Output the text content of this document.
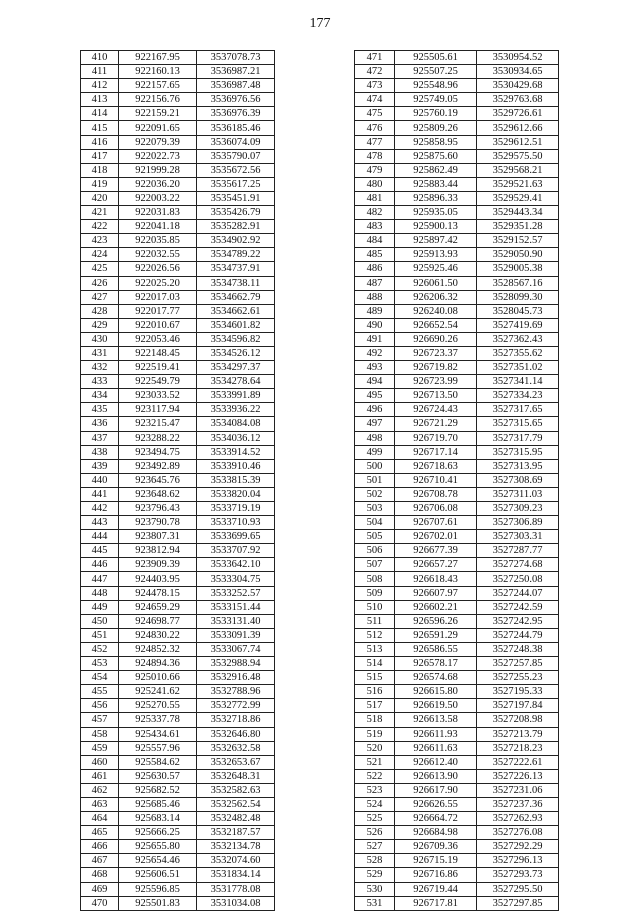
177
410	922167.95	3537078.73
411	922160.13	3536987.21
412	922157.65	3536987.48
413	922156.76	3536976.56
414	922159.21	3536976.39
415	922091.65	3536185.46
416	922079.39	3536074.09
417	922022.73	3535790.07
418	921999.28	3535672.56
419	922036.20	3535617.25
420	922003.22	3535451.91
421	922031.83	3535426.79
422	922041.18	3535282.91
423	922035.85	3534902.92
424	922032.55	3534789.22
425	922026.56	3534737.91
426	922025.20	3534738.11
427	922017.03	3534662.79
428	922017.77	3534662.61
429	922010.67	3534601.82
430	922053.46	3534596.82
431	922148.45	3534526.12
432	922519.41	3534297.37
433	922549.79	3534278.64
434	923033.52	3533991.89
435	923117.94	3533936.22
436	923215.47	3534084.08
437	923288.22	3534036.12
438	923494.75	3533914.52
439	923492.89	3533910.46
440	923645.76	3533815.39
441	923648.62	3533820.04
442	923796.43	3533719.19
443	923790.78	3533710.93
444	923807.31	3533699.65
445	923812.94	3533707.92
446	923909.39	3533642.10
447	924403.95	3533304.75
448	924478.15	3533252.57
449	924659.29	3533151.44
450	924698.77	3533131.40
451	924830.22	3533091.39
452	924852.32	3533067.74
453	924894.36	3532988.94
454	925010.66	3532916.48
455	925241.62	3532788.96
456	925270.55	3532772.99
457	925337.78	3532718.86
458	925434.61	3532646.80
459	925557.96	3532632.58
460	925584.62	3532653.67
461	925630.57	3532648.31
462	925682.52	3532582.63
463	925685.46	3532562.54
464	925683.14	3532482.48
465	925666.25	3532187.57
466	925655.80	3532134.78
467	925654.46	3532074.60
468	925606.51	3531834.14
469	925596.85	3531778.08
470	925501.83	3531034.08
471	925505.61	3530954.52
472	925507.25	3530934.65
473	925548.96	3530429.68
474	925749.05	3529763.68
475	925760.19	3529726.61
476	925809.26	3529612.66
477	925858.95	3529612.51
478	925875.60	3529575.50
479	925862.49	3529568.21
480	925883.44	3529521.63
481	925896.33	3529529.41
482	925935.05	3529443.34
483	925900.13	3529351.28
484	925897.42	3529152.57
485	925913.93	3529050.90
486	925925.46	3529005.38
487	926061.50	3528567.16
488	926206.32	3528099.30
489	926240.08	3528045.73
490	926652.54	3527419.69
491	926690.26	3527362.43
492	926723.37	3527355.62
493	926719.82	3527351.02
494	926723.99	3527341.14
495	926713.50	3527334.23
496	926724.43	3527317.65
497	926721.29	3527315.65
498	926719.70	3527317.79
499	926717.14	3527315.95
500	926718.63	3527313.95
501	926710.41	3527308.69
502	926708.78	3527311.03
503	926706.08	3527309.23
504	926707.61	3527306.89
505	926702.01	3527303.31
506	926677.39	3527287.77
507	926657.27	3527274.68
508	926618.43	3527250.08
509	926607.97	3527244.07
510	926602.21	3527242.59
511	926596.26	3527242.95
512	926591.29	3527244.79
513	926586.55	3527248.38
514	926578.17	3527257.85
515	926574.68	3527255.23
516	926615.80	3527195.33
517	926619.50	3527197.84
518	926613.58	3527208.98
519	926611.93	3527213.79
520	926611.63	3527218.23
521	926612.40	3527222.61
522	926613.90	3527226.13
523	926617.90	3527231.06
524	926626.55	3527237.36
525	926664.72	3527262.93
526	926684.98	3527276.08
527	926709.36	3527292.29
528	926715.19	3527296.13
529	926716.86	3527293.73
530	926719.44	3527295.50
531	926717.81	3527297.85
